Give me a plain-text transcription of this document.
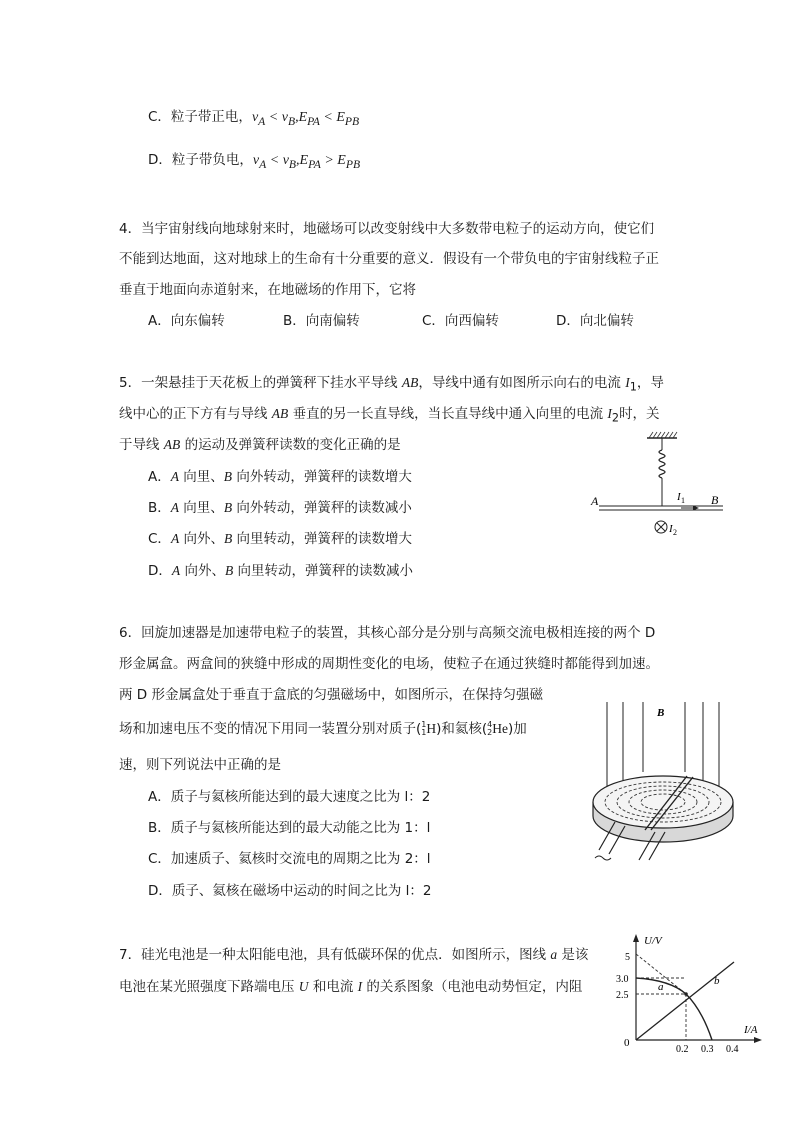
C．粒子带正电，$v_A < v_B,E_{PA} < E_{PB}$
D．粒子带负电，$v_A < v_B,E_{PA} > E_{PB}$
4．当宇宙射线向地球射来时，地磁场可以改变射线中大多数带电粒子的运动方向，使它们
不能到达地面，这对地球上的生命有十分重要的意义．假设有一个带负电的宇宙射线粒子正
垂直于地面向赤道射来，在地磁场的作用下，它将
A．向东偏转	B．向南偏转	C．向西偏转	D．向北偏转
5．一架悬挂于天花板上的弹簧秤下挂水平导线 AB，导线中通有如图所示向右的电流 $I_1$，导
线中心的正下方有与导线 AB 垂直的另一长直导线，当长直导线中通入向里的电流 $I_2$时，关
于导线 AB 的运动及弹簧秤读数的变化正确的是
A．A 向里、B 向外转动，弹簧秤的读数增大
B．A 向里、B 向外转动，弹簧秤的读数减小
C．A 向外、B 向里转动，弹簧秤的读数增大
D．A 向外、B 向里转动，弹簧秤的读数减小
A	B
I 1
I 2
6．回旋加速器是加速带电粒子的装置，其核心部分是分别与高频交流电极相连接的两个 D
形金属盒。两盒间的狭缝中形成的周期性变化的电场，使粒子在通过狭缝时都能得到加速。
两 D 形金属盒处于垂直于盒底的匀强磁场中，如图所示，在保持匀强磁
场和加速电压不变的情况下用同一装置分别对质子(1
1H)和氦核(4
2He)加
速，则下列说法中正确的是
A．质子与氦核所能达到的最大速度之比为 l：2
B．质子与氦核所能达到的最大动能之比为 1：l
C．加速质子、氦核时交流电的周期之比为 2：l
D．质子、氦核在磁场中运动的时间之比为 l：2
B
7．硅光电池是一种太阳能电池，具有低碳环保的优点．如图所示，图线 a 是该
电池在某光照强度下路端电压 U 和电流 I 的关系图象（电池电动势恒定，内阻
U/V
I/A
0
5
3.0
2.5
0.2 0.3 0.4
a	b
